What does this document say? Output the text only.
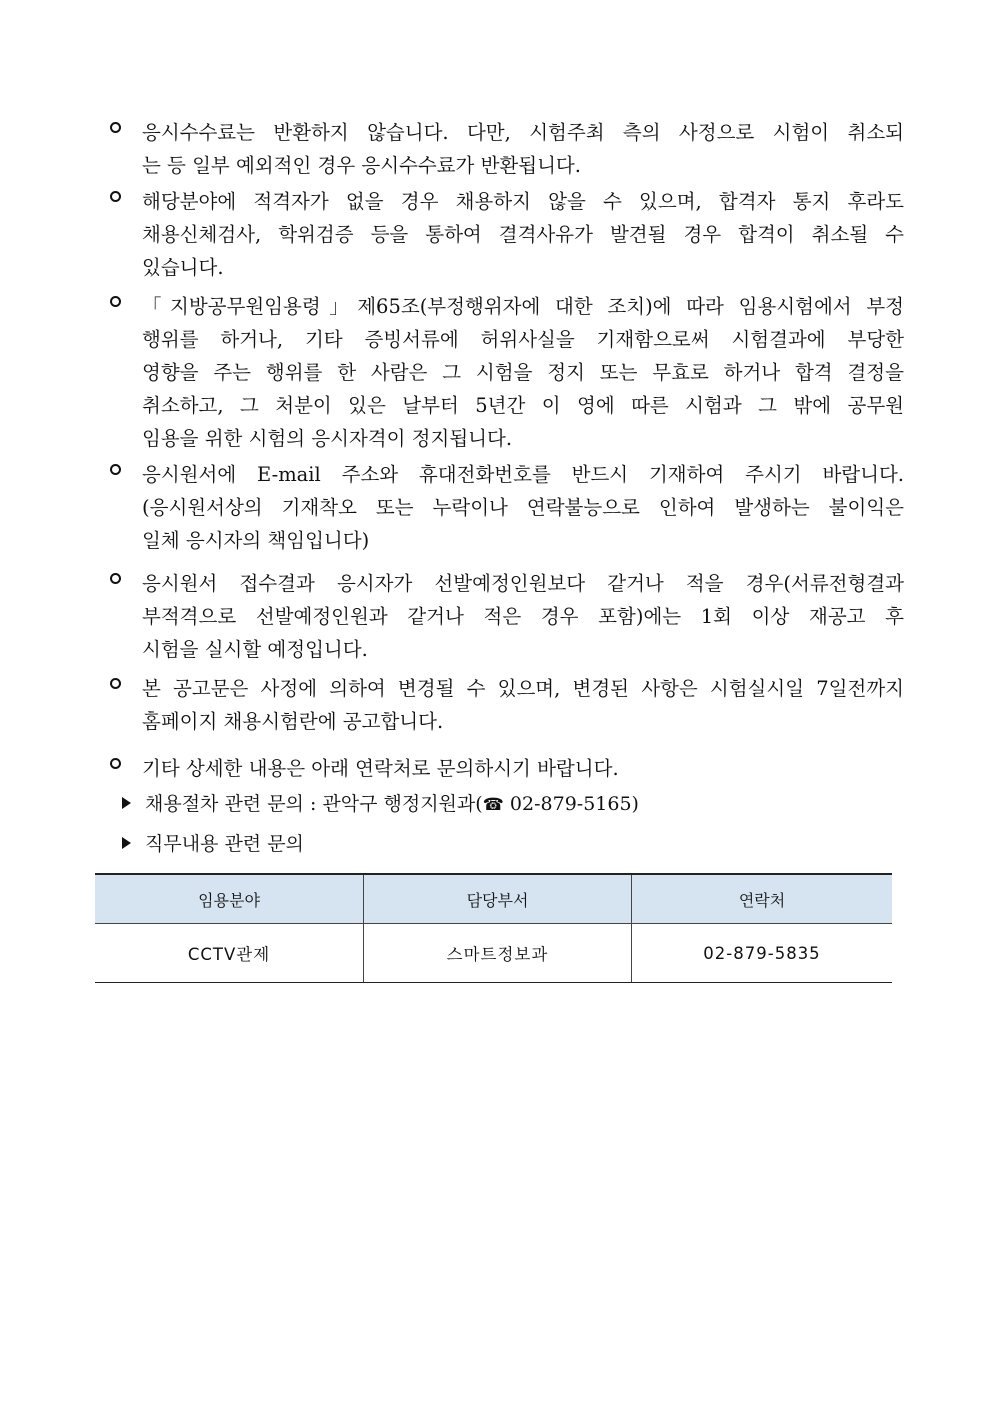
응시수수료는 반환하지 않습니다. 다만, 시험주최 측의 사정으로 시험이 취소되
는 등 일부 예외적인 경우 응시수수료가 반환됩니다.
해당분야에 적격자가 없을 경우 채용하지 않을 수 있으며, 합격자 통지 후라도
채용신체검사, 학위검증 등을 통하여 결격사유가 발견될 경우 합격이 취소될 수
있습니다.
「지방공무원임용령」제65조(부정행위자에 대한 조치)에 따라 임용시험에서 부정
행위를 하거나, 기타 증빙서류에 허위사실을 기재함으로써 시험결과에 부당한
영향을 주는 행위를 한 사람은 그 시험을 정지 또는 무효로 하거나 합격 결정을
취소하고, 그 처분이 있은 날부터 5년간 이 영에 따른 시험과 그 밖에 공무원
임용을 위한 시험의 응시자격이 정지됩니다.
응시원서에 E-mail 주소와 휴대전화번호를 반드시 기재하여 주시기 바랍니다.
(응시원서상의 기재착오 또는 누락이나 연락불능으로 인하여 발생하는 불이익은
일체 응시자의 책임입니다)
응시원서 접수결과 응시자가 선발예정인원보다 같거나 적을 경우(서류전형결과
부적격으로 선발예정인원과 같거나 적은 경우 포함)에는 1회 이상 재공고 후
시험을 실시할 예정입니다.
본 공고문은 사정에 의하여 변경될 수 있으며, 변경된 사항은 시험실시일 7일전까지
홈페이지 채용시험란에 공고합니다.
기타 상세한 내용은 아래 연락처로 문의하시기 바랍니다.
채용절차 관련 문의 : 관악구 행정지원과(☎ 02-879-5165)
직무내용 관련 문의
임용분야	담당부서	연락처
CCTV관제	스마트정보과	02-879-5835
